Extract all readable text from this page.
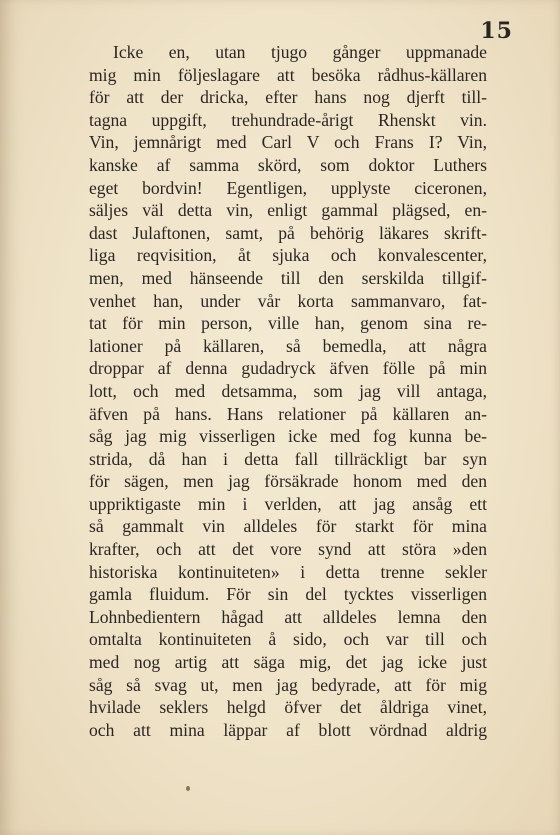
15
Icke en, utan tjugo gånger uppmanade
mig min följeslagare att besöka rådhus-källaren
för att der dricka, efter hans nog djerft till-
tagna uppgift, trehundrade-årigt Rhenskt vin.
Vin, jemnårigt med Carl V och Frans I? Vin,
kanske af samma skörd, som doktor Luthers
eget bordvin! Egentligen, upplyste ciceronen,
säljes väl detta vin, enligt gammal plägsed, en-
dast Julaftonen, samt, på behörig läkares skrift-
liga reqvisition, åt sjuka och konvalescenter,
men, med hänseende till den serskilda tillgif-
venhet han, under vår korta sammanvaro, fat-
tat för min person, ville han, genom sina re-
lationer på källaren, så bemedla, att några
droppar af denna gudadryck äfven fölle på min
lott, och med detsamma, som jag vill antaga,
äfven på hans. Hans relationer på källaren an-
såg jag mig visserligen icke med fog kunna be-
strida, då han i detta fall tillräckligt bar syn
för sägen, men jag försäkrade honom med den
uppriktigaste min i verlden, att jag ansåg ett
så gammalt vin alldeles för starkt för mina
krafter, och att det vore synd att störa »den
historiska kontinuiteten» i detta trenne sekler
gamla fluidum. För sin del tycktes visserligen
Lohnbedientern hågad att alldeles lemna den
omtalta kontinuiteten å sido, och var till och
med nog artig att säga mig, det jag icke just
såg så svag ut, men jag bedyrade, att för mig
hvilade seklers helgd öfver det åldriga vinet,
och att mina läppar af blott vördnad aldrig
